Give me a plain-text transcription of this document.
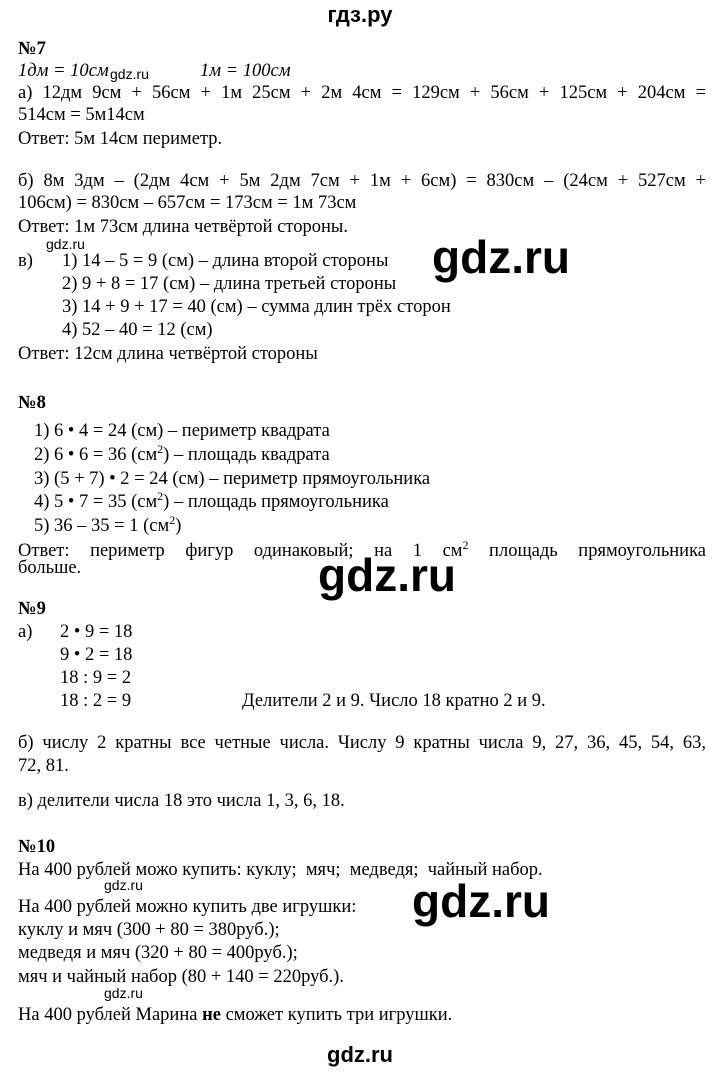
гдз.ру
№7
1дм = 10см	1м = 100см
а) 12дм 9см + 56см + 1м 25см + 2м 4см = 129см + 56см + 125см + 204см =
514см = 5м14см
Ответ: 5м 14см периметр.
б) 8м 3дм – (2дм 4см + 5м 2дм 7см + 1м + 6см) = 830см – (24см + 527см +
106см) = 830см – 657см = 173см = 1м 73см
Ответ: 1м 73см длина четвёртой стороны.
в) 1) 14 – 5 = 9 (см) – длина второй стороны
2) 9 + 8 = 17 (см) – длина третьей стороны
3) 14 + 9 + 17 = 40 (см) – сумма длин трёх сторон
4) 52 – 40 = 12 (см)
Ответ: 12см длина четвёртой стороны
№8
1) 6 • 4 = 24 (см) – периметр квадрата
2) 6 • 6 = 36 $(см^2)$ – площадь квадрата
3) (5 + 7) • 2 = 24 (см) – периметр прямоугольника
4) 5 • 7 = 35 $(см^2)$ – площадь прямоугольника
5) 36 – 35 = 1 $(см^2)$
Ответ: периметр фигур одинаковый; на 1 $см^2$ площадь прямоугольника
больше.
№9
а) 2 • 9 = 18
9 • 2 = 18
18 : 9 = 2
18 : 2 = 9	Делители 2 и 9. Число 18 кратно 2 и 9.
б) числу 2 кратны все четные числа. Числу 9 кратны числа 9, 27, 36, 45, 54, 63,
72, 81.
в) делители числа 18 это числа 1, 3, 6, 18.
№10
На 400 рублей можо купить: куклу;  мяч;  медведя;  чайный набор.
На 400 рублей можно купить две игрушки:
куклу и мяч (300 + 80 = 380руб.);
медведя и мяч (320 + 80 = 400руб.);
мяч и чайный набор (80 + 140 = 220руб.).
На 400 рублей Марина не сможет купить три игрушки.
gdz.ru
gdz.ru
gdz.ru
gdz.ru
gdz.ru
gdz.ru
gdz.ru
gdz.ru
